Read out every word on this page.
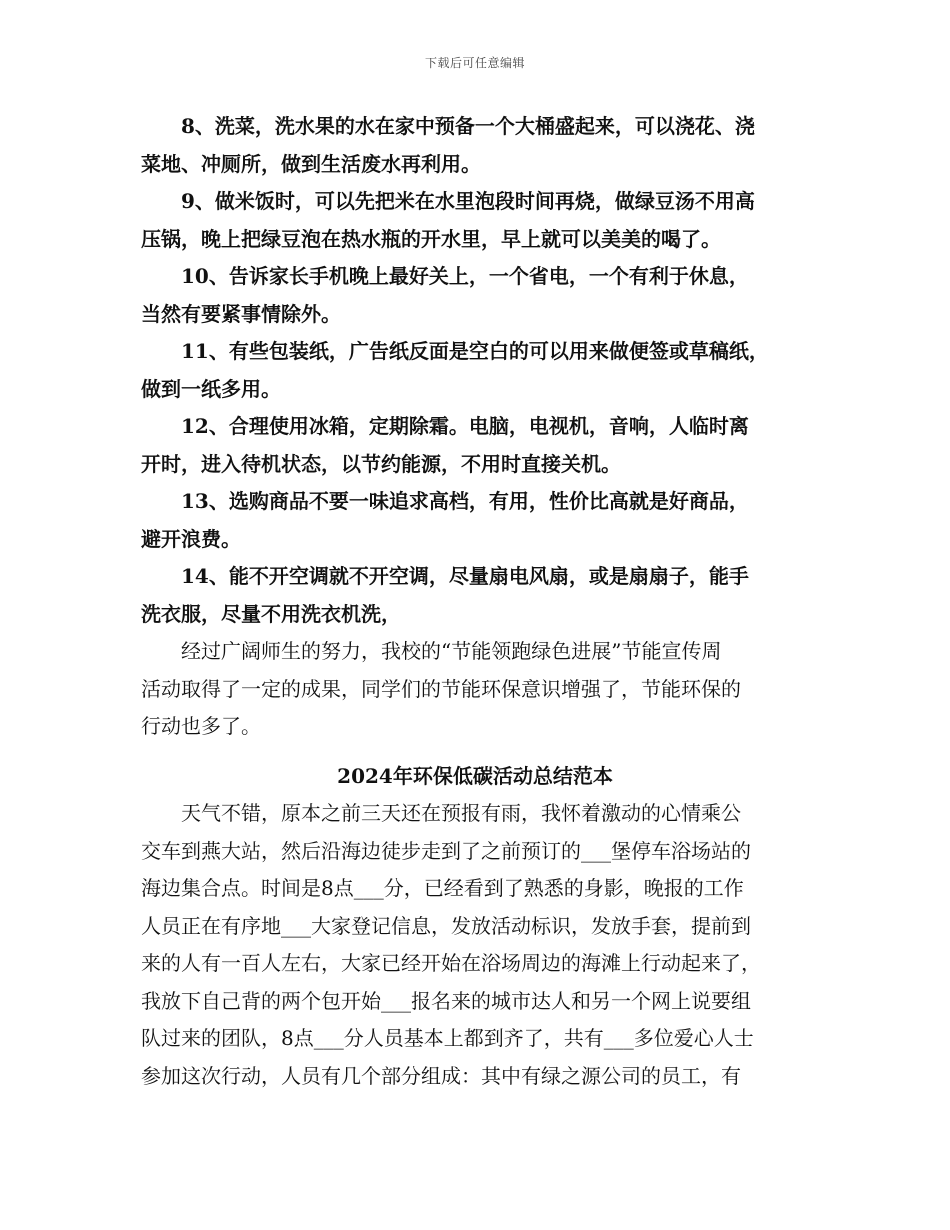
下载后可任意编辑

8、洗菜，洗水果的水在家中预备一个大桶盛起来，可以浇花、浇
菜地、冲厕所，做到生活废水再利用。

9、做米饭时，可以先把米在水里泡段时间再烧，做绿豆汤不用高
压锅，晚上把绿豆泡在热水瓶的开水里，早上就可以美美的喝了。

10、告诉家长手机晚上最好关上，一个省电，一个有利于休息，
当然有要紧事情除外。

11、有些包装纸，广告纸反面是空白的可以用来做便签或草稿纸，
做到一纸多用。

12、合理使用冰箱，定期除霜。电脑，电视机，音响，人临时离
开时，进入待机状态，以节约能源，不用时直接关机。

13、选购商品不要一味追求高档，有用，性价比高就是好商品，
避开浪费。

14、能不开空调就不开空调，尽量扇电风扇，或是扇扇子，能手
洗衣服，尽量不用洗衣机洗，

经过广阔师生的努力，我校的“节能领跑绿色进展”节能宣传周
活动取得了一定的成果，同学们的节能环保意识增强了，节能环保的
行动也多了。

2024年环保低碳活动总结范本

天气不错，原本之前三天还在预报有雨，我怀着激动的心情乘公
交车到燕大站，然后沿海边徒步走到了之前预订的___堡停车浴场站的
海边集合点。时间是8点___分，已经看到了熟悉的身影，晚报的工作
人员正在有序地___大家登记信息，发放活动标识，发放手套，提前到
来的人有一百人左右，大家已经开始在浴场周边的海滩上行动起来了，
我放下自己背的两个包开始___报名来的城市达人和另一个网上说要组
队过来的团队，8点___分人员基本上都到齐了，共有___多位爱心人士
参加这次行动，人员有几个部分组成：其中有绿之源公司的员工，有
